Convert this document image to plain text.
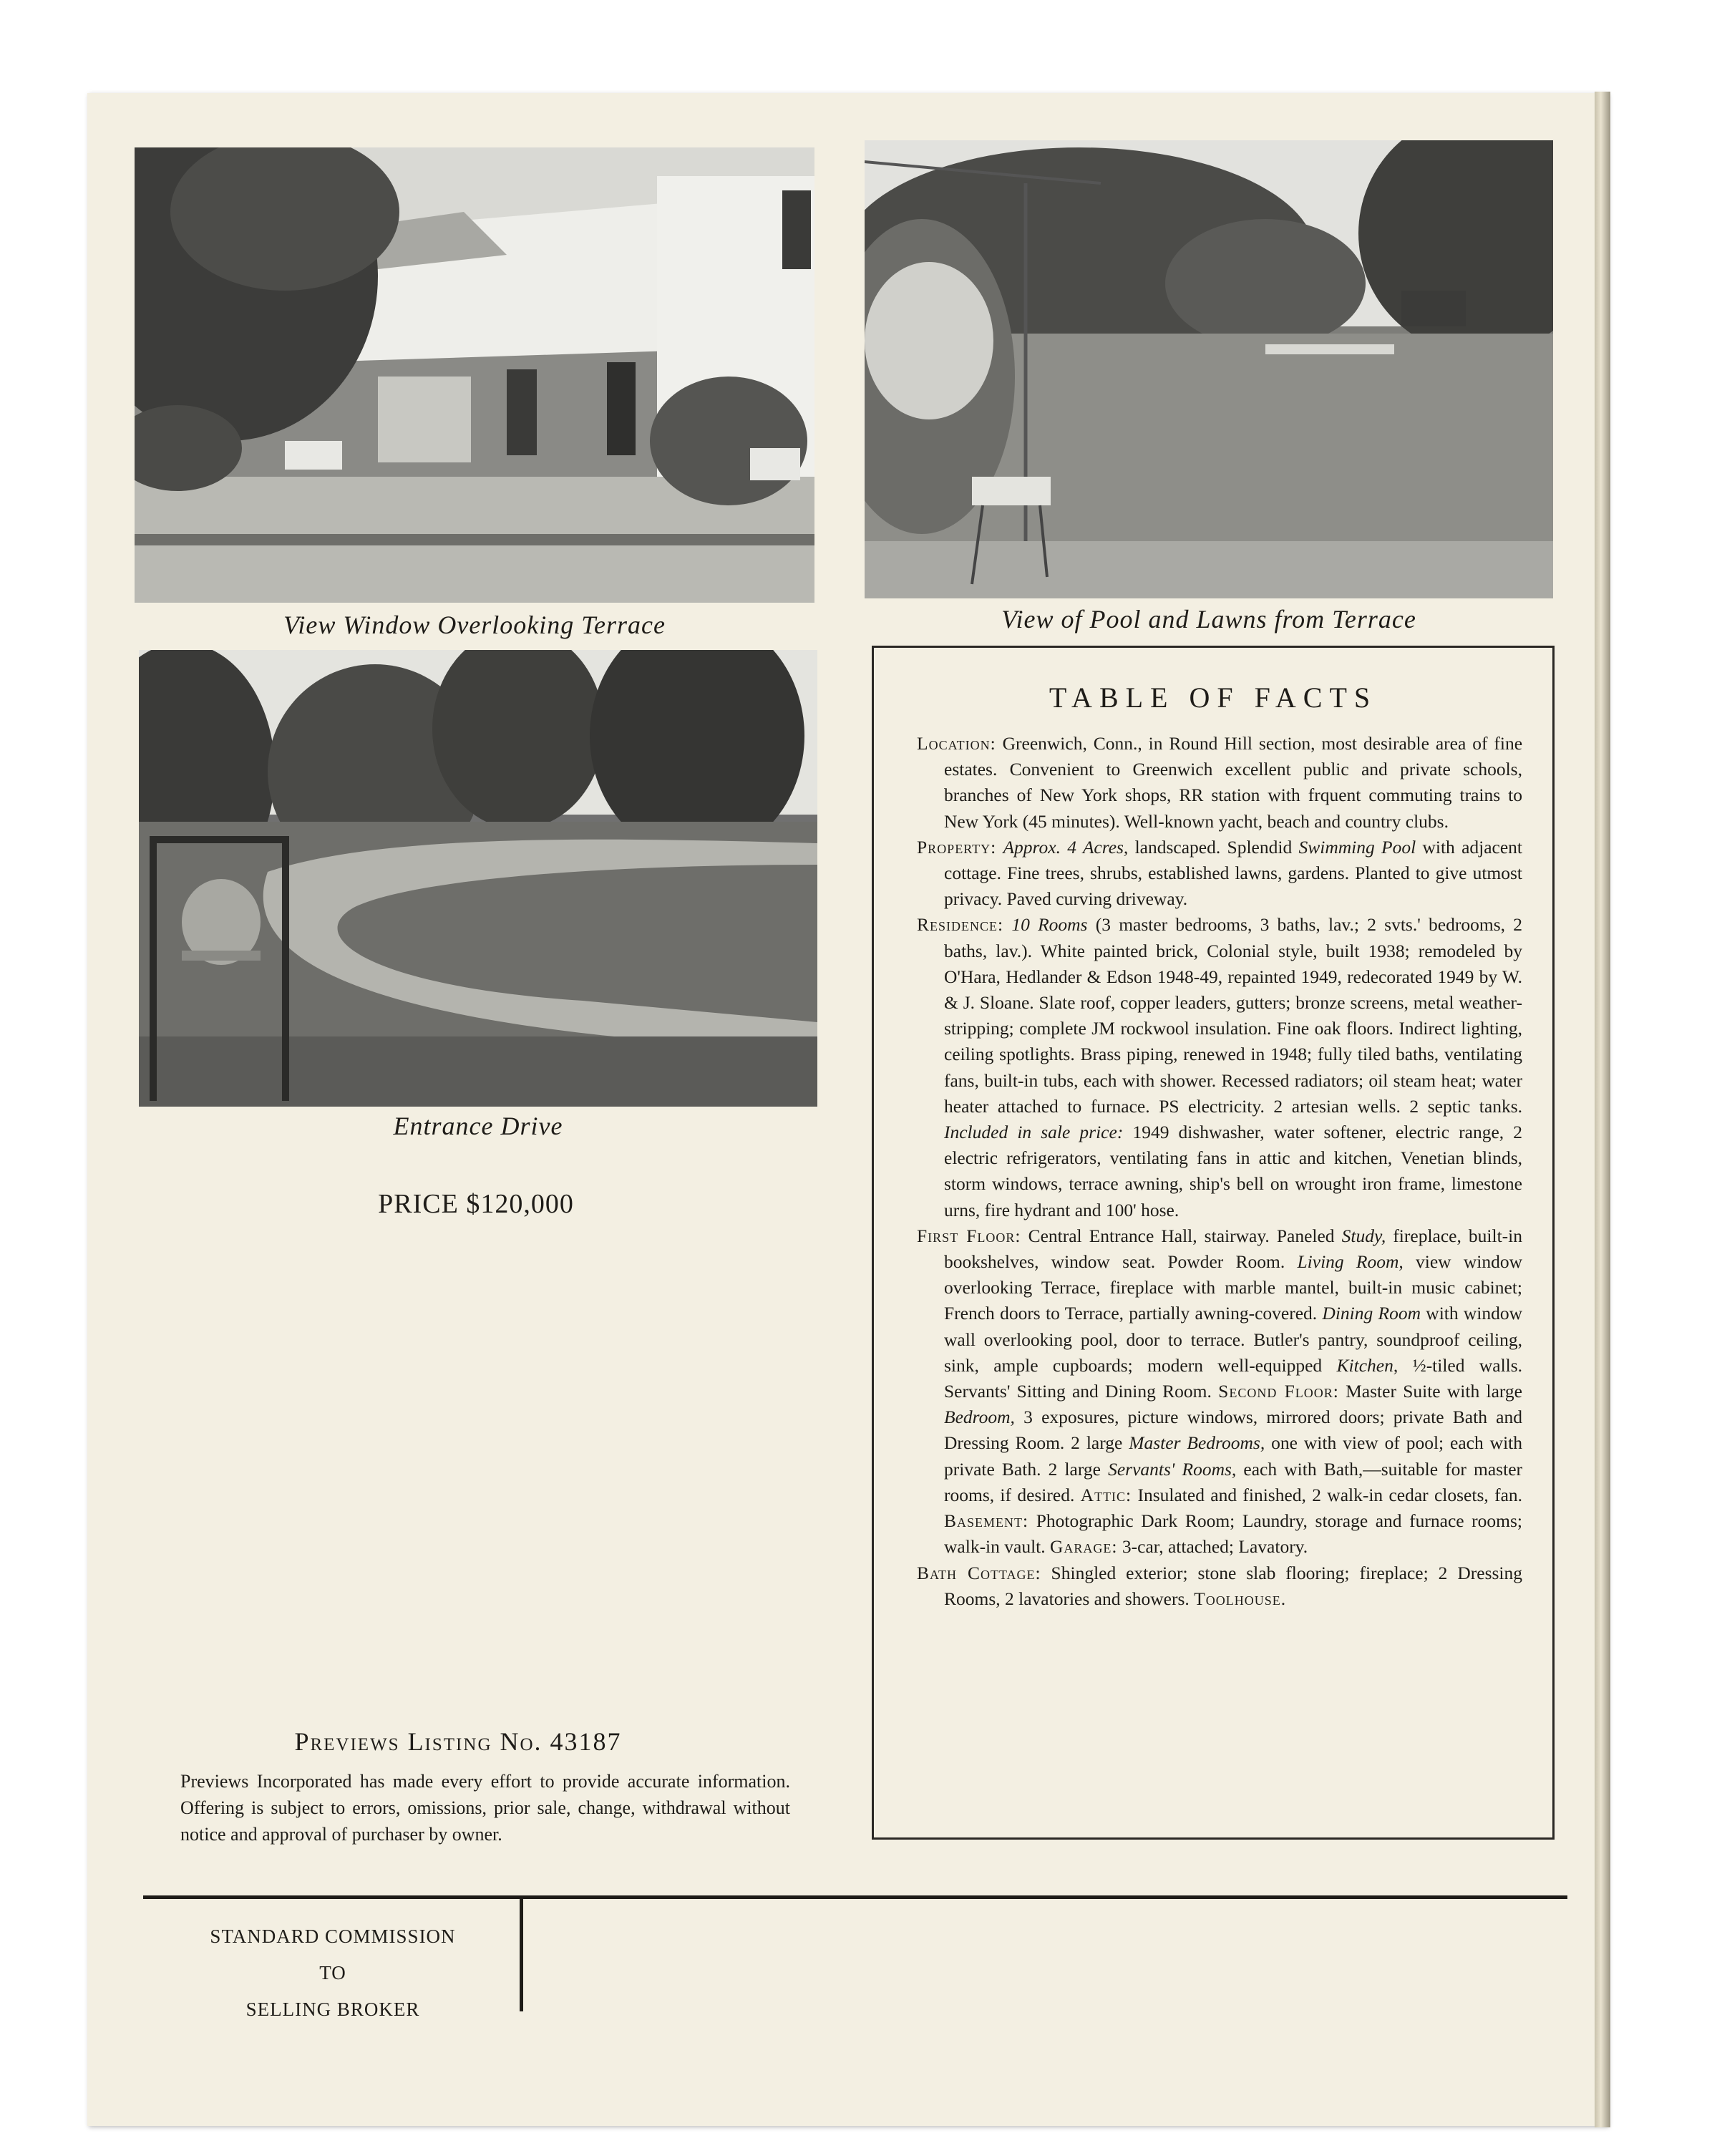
View Window Overlooking Terrace	View of Pool and Lawns from Terrace
Entrance Drive
PRICE $120,000
Previews Listing No. 43187
Previews Incorporated has made every effort to provide accurate information. Offering is subject to errors, omissions, prior sale, change, withdrawal without notice and approval of purchaser by owner.
TABLE OF FACTS
Location: Greenwich, Conn., in Round Hill section, most desirable area of fine estates. Convenient to Greenwich excellent public and private schools, branches of New York shops, RR station with frquent commuting trains to New York (45 minutes). Well-known yacht, beach and country clubs.
Property: Approx. 4 Acres, landscaped. Splendid Swimming Pool with adjacent cottage. Fine trees, shrubs, established lawns, gardens. Planted to give utmost privacy. Paved curving driveway.
Residence: 10 Rooms (3 master bedrooms, 3 baths, lav.; 2 svts.' bedrooms, 2 baths, lav.). White painted brick, Colonial style, built 1938; remodeled by O'Hara, Hedlander & Edson 1948-49, repainted 1949, redecorated 1949 by W. & J. Sloane. Slate roof, copper leaders, gutters; bronze screens, metal weather-stripping; complete JM rockwool insulation. Fine oak floors. Indirect lighting, ceiling spotlights. Brass piping, renewed in 1948; fully tiled baths, ventilating fans, built-in tubs, each with shower. Recessed radiators; oil steam heat; water heater attached to furnace. PS electricity. 2 artesian wells. 2 septic tanks. Included in sale price: 1949 dishwasher, water softener, electric range, 2 electric refrigerators, ventilating fans in attic and kitchen, Venetian blinds, storm windows, terrace awning, ship's bell on wrought iron frame, limestone urns, fire hydrant and 100' hose.
First Floor: Central Entrance Hall, stairway. Paneled Study, fireplace, built-in bookshelves, window seat. Powder Room. Living Room, view window overlooking Terrace, fireplace with marble mantel, built-in music cabinet; French doors to Terrace, partially awning-covered. Dining Room with window wall overlooking pool, door to terrace. Butler's pantry, soundproof ceiling, sink, ample cupboards; modern well-equipped Kitchen, ½-tiled walls. Servants' Sitting and Dining Room. Second Floor: Master Suite with large Bedroom, 3 exposures, picture windows, mirrored doors; private Bath and Dressing Room. 2 large Master Bedrooms, one with view of pool; each with private Bath. 2 large Servants' Rooms, each with Bath,—suitable for master rooms, if desired. Attic: Insulated and finished, 2 walk-in cedar closets, fan. Basement: Photographic Dark Room; Laundry, storage and furnace rooms; walk-in vault. Garage: 3-car, attached; Lavatory.
Bath Cottage: Shingled exterior; stone slab flooring; fireplace; 2 Dressing Rooms, 2 lavatories and showers. Toolhouse.
STANDARD COMMISSION
TO
SELLING BROKER
